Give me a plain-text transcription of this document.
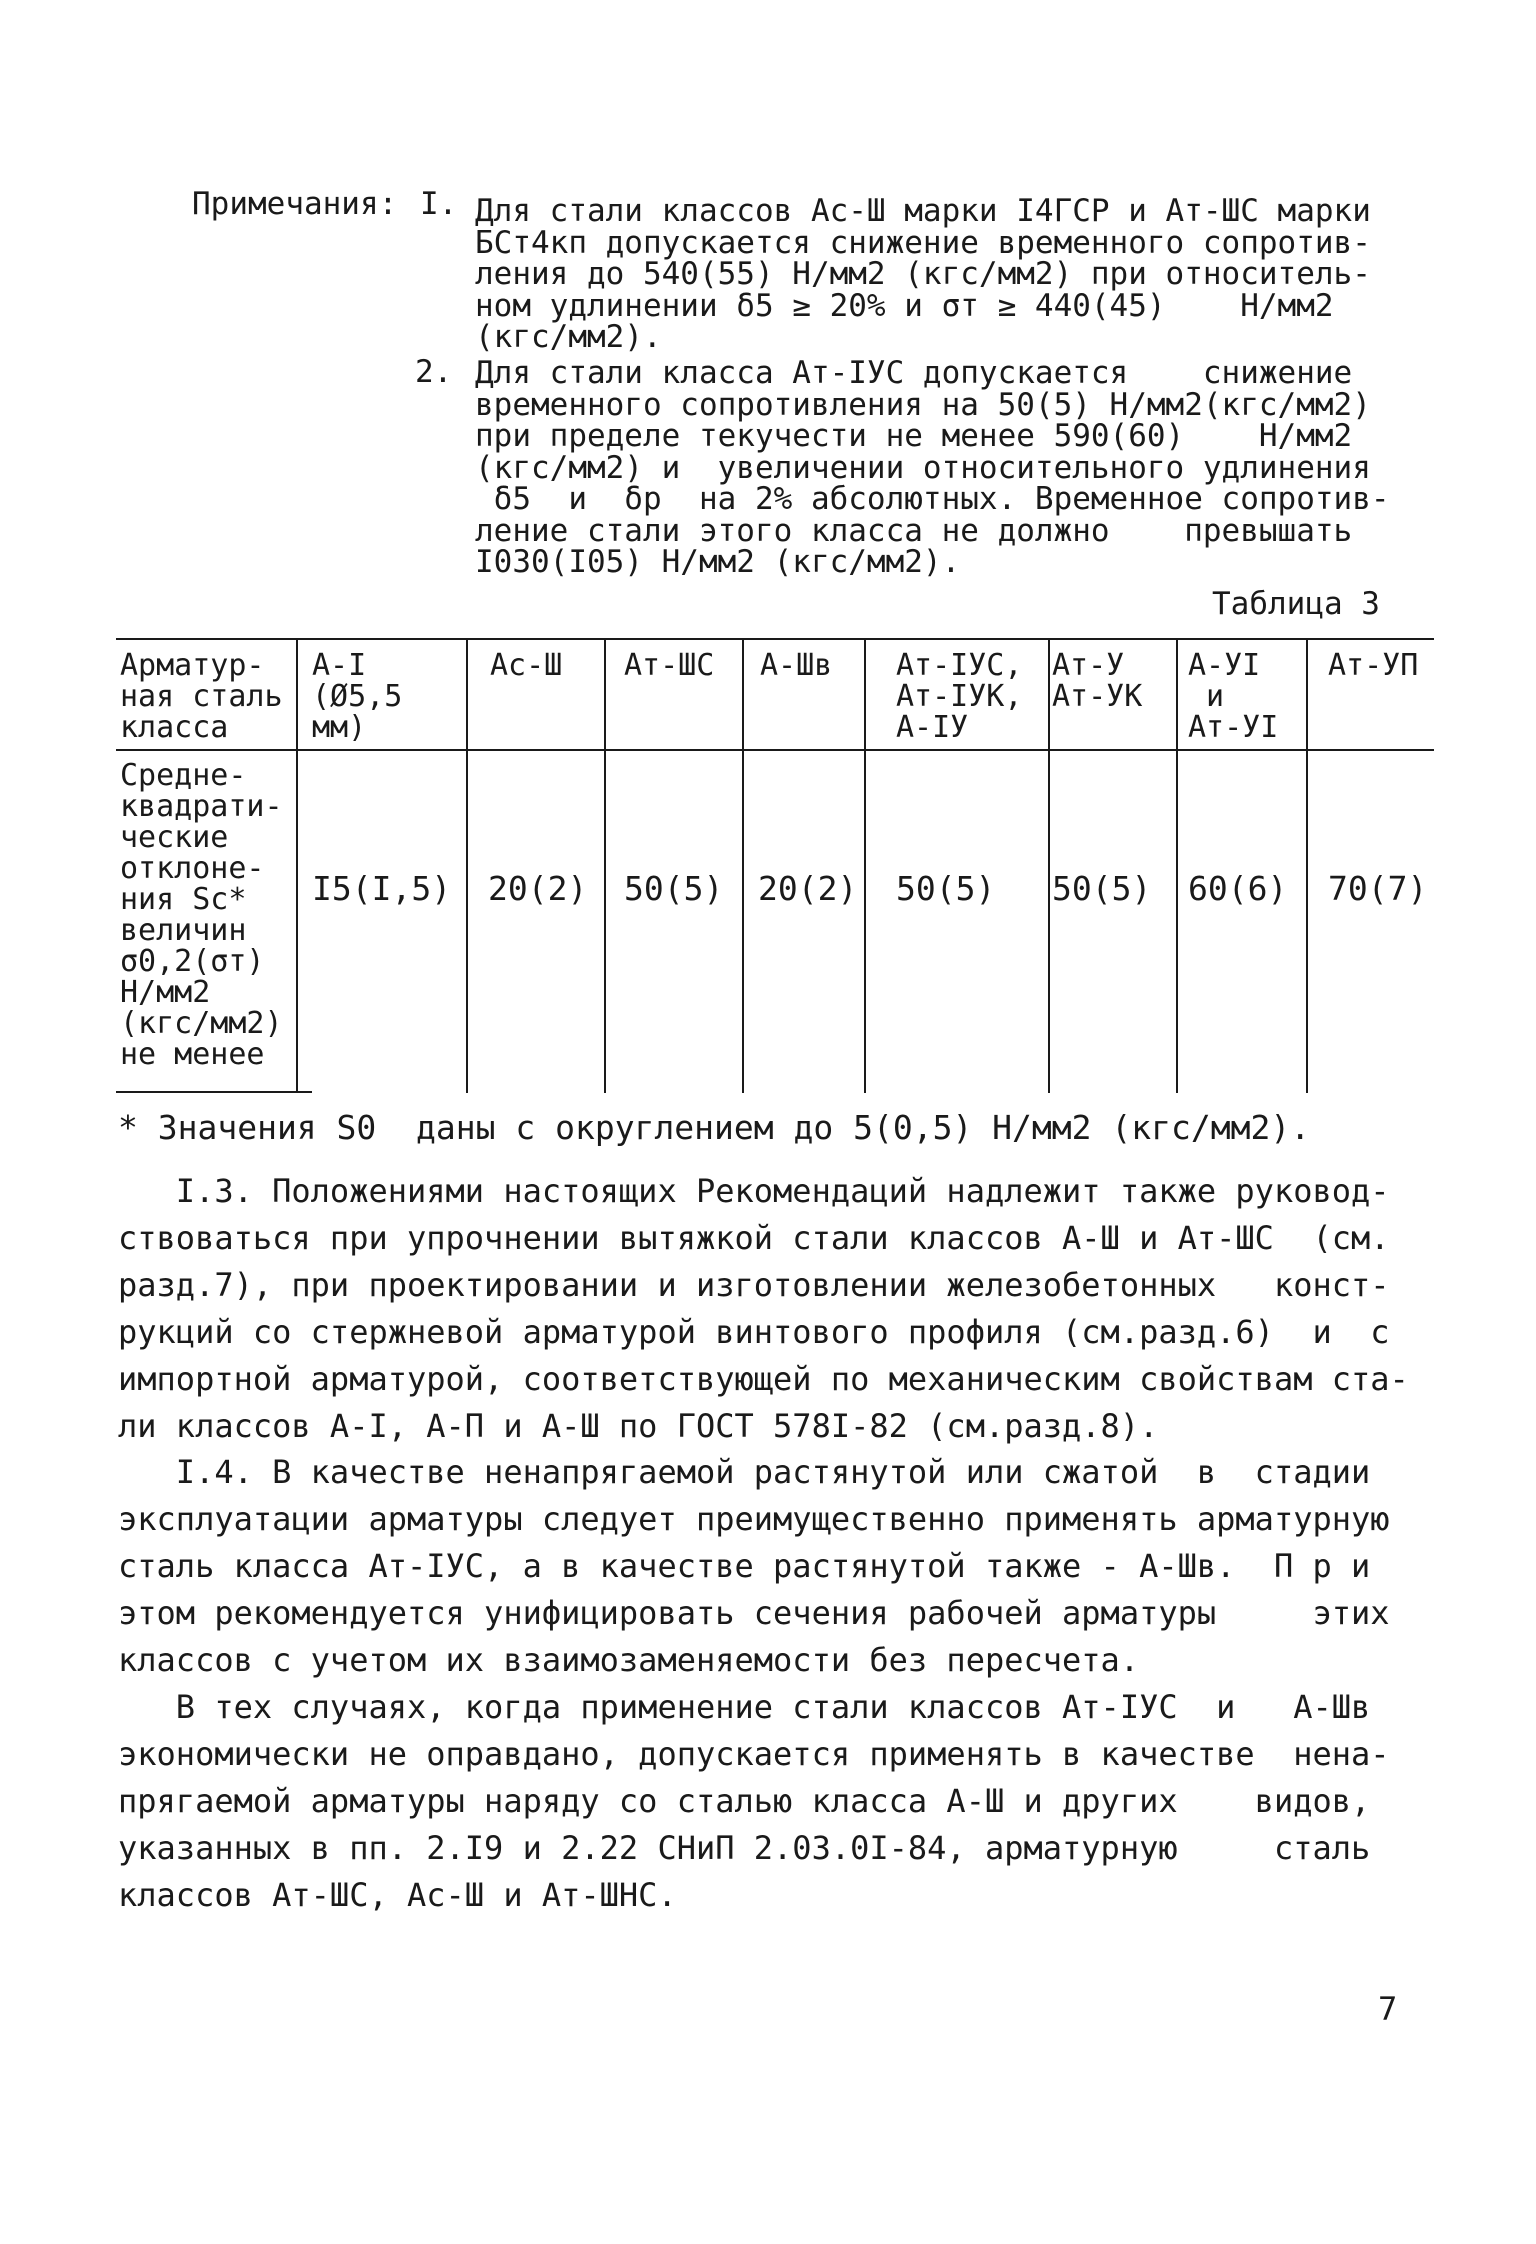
Примечания: I. Для стали классов Ас-Ш марки I4ГСР и Ат-ШС марки
БСт4кп допускается снижение временного сопротив-
ления до 540(55) Н/мм2 (кгс/мм2) при относитель-
ном удлинении δ5 ≥ 20% и σт ≥ 440(45)    Н/мм2
(кгс/мм2).
2. Для стали класса Ат-IУС допускается    снижение
временного сопротивления на 50(5) Н/мм2(кгс/мм2)
при пределе текучести не менее 590(60)    Н/мм2
(кгс/мм2) и  увеличении относительного удлинения
δ5  и  δр  на 2% абсолютных. Временное сопротив-
ление стали этого класса не должно    превышать
I030(I05) Н/мм2 (кгс/мм2).
Таблица 3
Арматур-
ная сталь
класса
А-I
(Ø5,5
мм)
Ас-Ш Ат-ШС А-Шв Ат-IУС,
Ат-IУК,
А-IУ
Ат-У
Ат-УК
А-УI
и
Ат-УI
Ат-УП
Средне-
квадрати-
ческие
отклоне-
ния Sc*
величин
σ0,2(σт)
Н/мм2
(кгс/мм2)
не менее
I5(I,5) 20(2) 50(5) 20(2) 50(5) 50(5) 60(6) 70(7)
* Значения S0  даны с округлением до 5(0,5) Н/мм2 (кгс/мм2).
I.3. Положениями настоящих Рекомендаций надлежит также руковод-
ствоваться при упрочнении вытяжкой стали классов А-Ш и Ат-ШС  (см.
разд.7), при проектировании и изготовлении железобетонных   конст-
рукций со стержневой арматурой винтового профиля (см.разд.6)  и  с
импортной арматурой, соответствующей по механическим свойствам ста-
ли классов А-I, А-П и А-Ш по ГОСТ 578I-82 (см.разд.8).
I.4. В качестве ненапрягаемой растянутой или сжатой  в  стадии
эксплуатации арматуры следует преимущественно применять арматурную
сталь класса Ат-IУС, а в качестве растянутой также - А-Шв.  П р и
этом рекомендуется унифицировать сечения рабочей арматуры     этих
классов с учетом их взаимозаменяемости без пересчета.
В тех случаях, когда применение стали классов Ат-IУС  и   А-Шв
экономически не оправдано, допускается применять в качестве  нена-
прягаемой арматуры наряду со сталью класса А-Ш и других    видов,
указанных в пп. 2.I9 и 2.22 СНиП 2.03.0I-84, арматурную     сталь
классов Ат-ШС, Ас-Ш и Ат-ШНС.
7
